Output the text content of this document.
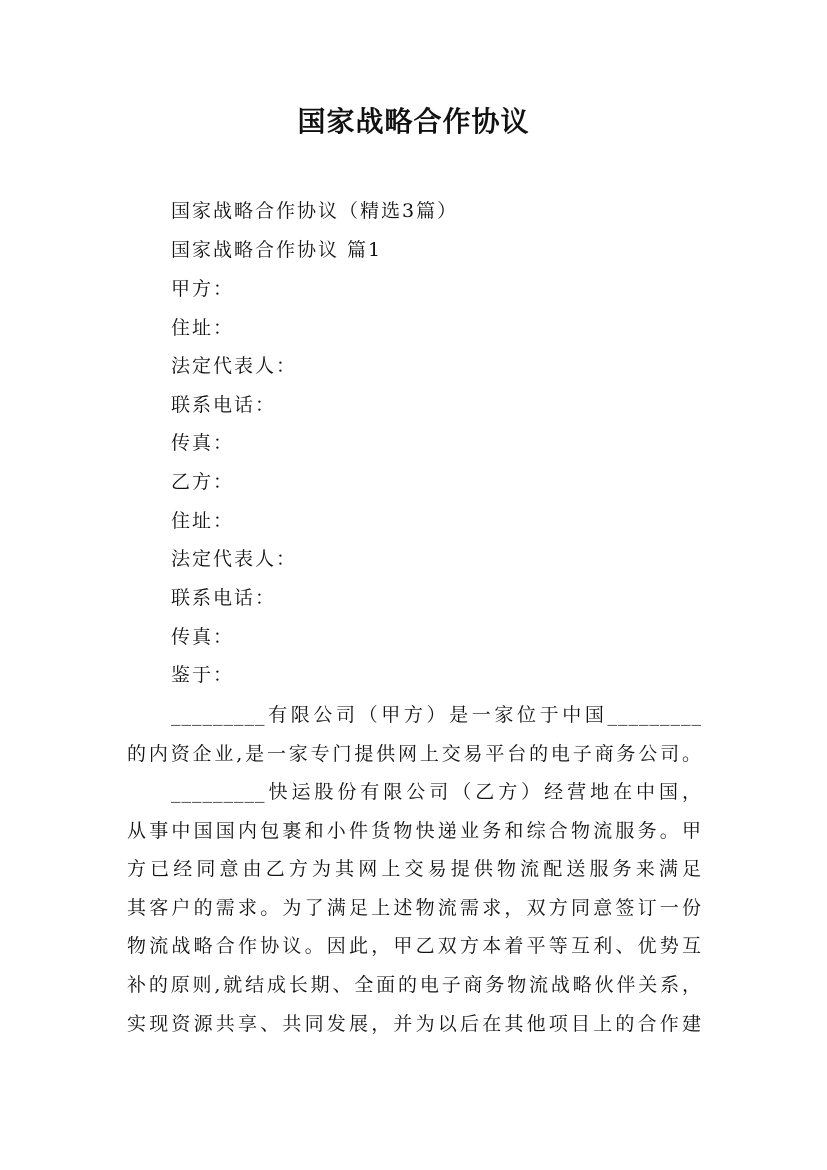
国家战略合作协议
国家战略合作协议（精选3篇）
国家战略合作协议 篇1
甲方：
住址：
法定代表人：
联系电话：
传真：
乙方：
住址：
法定代表人：
联系电话：
传真：
鉴于：
_________有限公司（甲方）是一家位于中国_________
的内资企业,是一家专门提供网上交易平台的电子商务公司。
_________快运股份有限公司（乙方）经营地在中国，
从事中国国内包裹和小件货物快递业务和综合物流服务。甲
方已经同意由乙方为其网上交易提供物流配送服务来满足
其客户的需求。为了满足上述物流需求，双方同意签订一份
物流战略合作协议。因此，甲乙双方本着平等互利、优势互
补的原则,就结成长期、全面的电子商务物流战略伙伴关系，
实现资源共享、共同发展，并为以后在其他项目上的合作建
